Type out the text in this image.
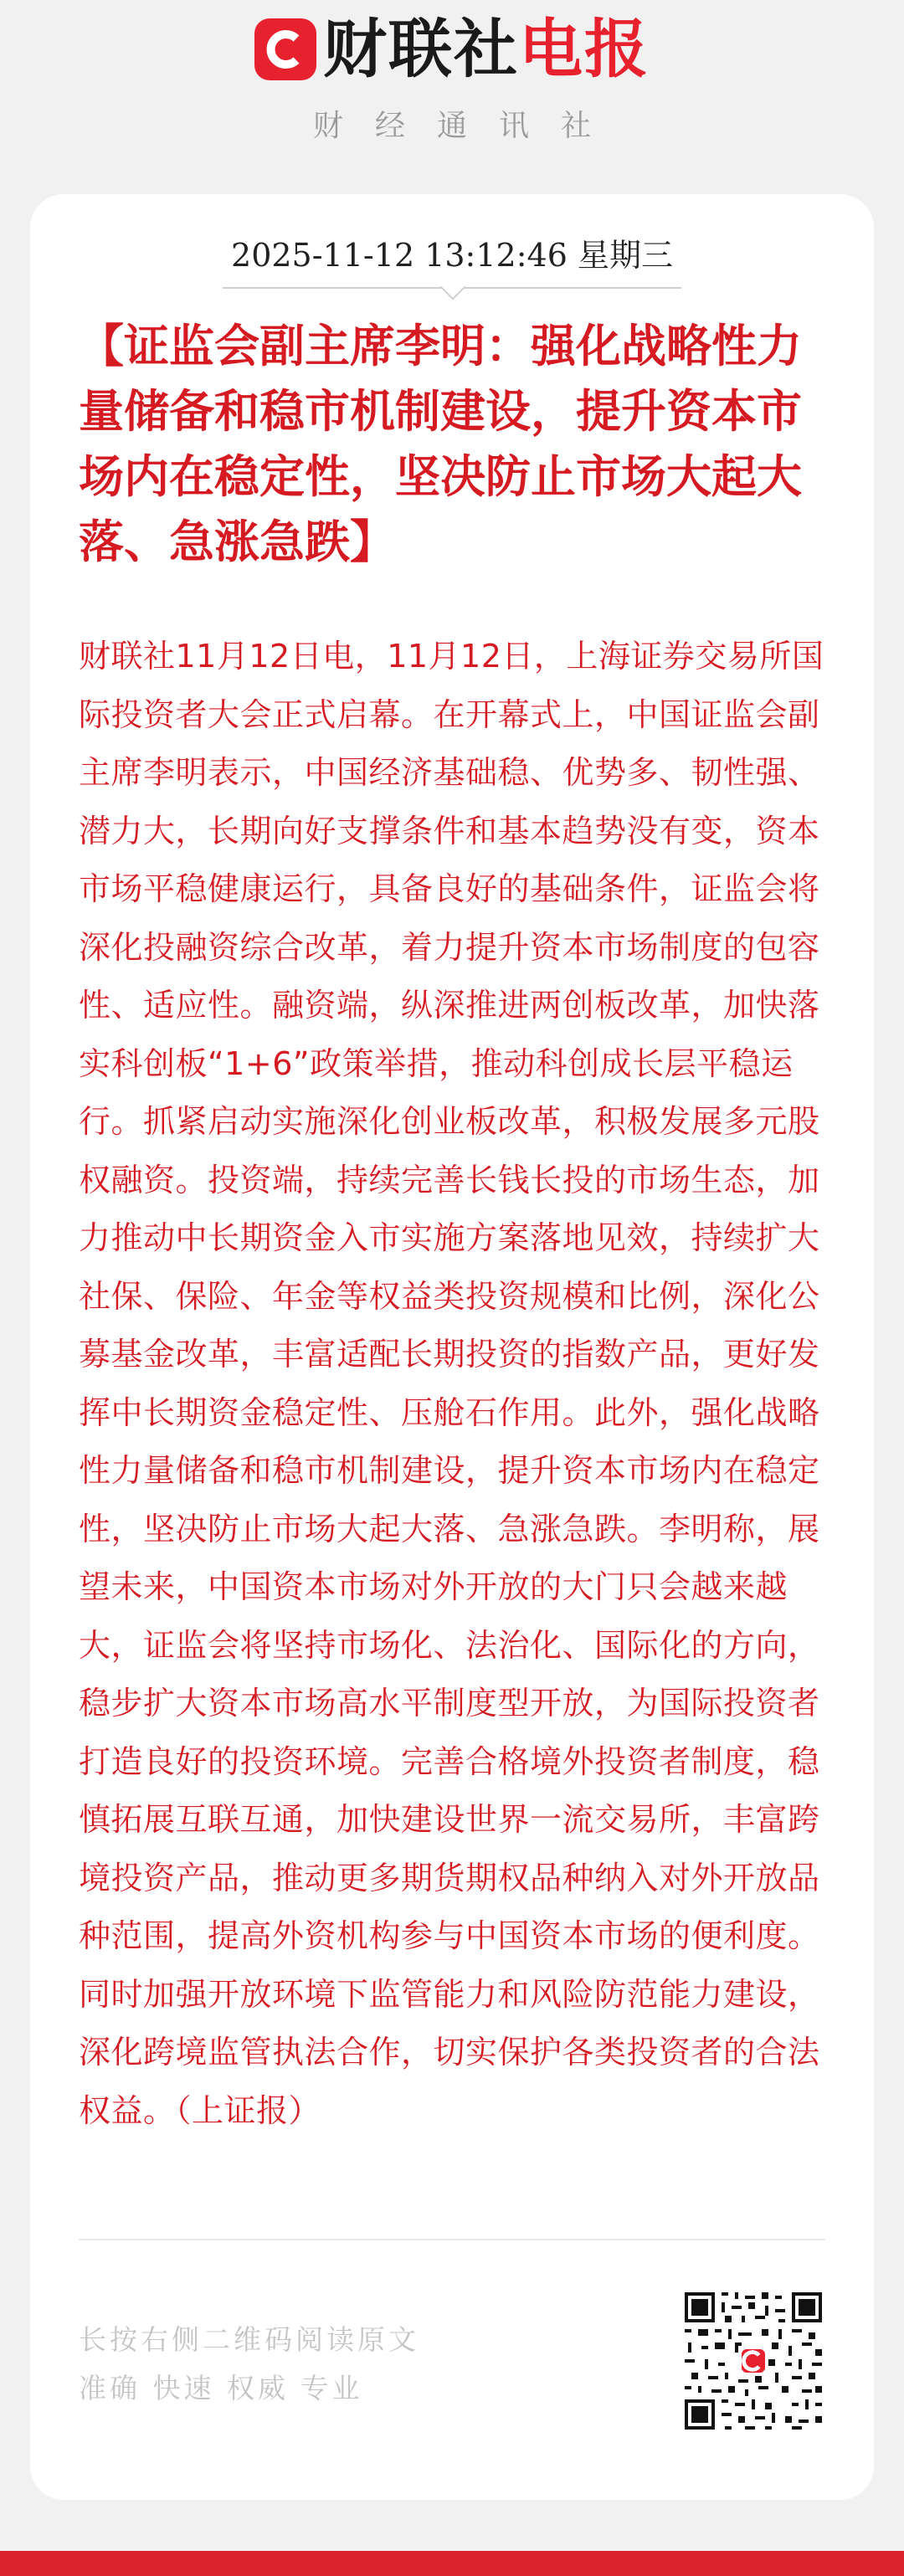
财联社 电报
财经通讯社
2025-11-12 13:12:46 星期三
【证监会副主席李明：强化战略性力量储备和稳市机制建设，提升资本市场内在稳定性，坚决防止市场大起大落、急涨急跌】

财联社11月12日电，11月12日，上海证券交易所国际投资者大会正式启幕。在开幕式上，中国证监会副主席李明表示，中国经济基础稳、优势多、韧性强、潜力大，长期向好支撑条件和基本趋势没有变，资本市场平稳健康运行，具备良好的基础条件，证监会将深化投融资综合改革，着力提升资本市场制度的包容性、适应性。融资端，纵深推进两创板改革，加快落实科创板“1+6”政策举措，推动科创成长层平稳运行。抓紧启动实施深化创业板改革，积极发展多元股权融资。投资端，持续完善长钱长投的市场生态，加力推动中长期资金入市实施方案落地见效，持续扩大社保、保险、年金等权益类投资规模和比例，深化公募基金改革，丰富适配长期投资的指数产品，更好发挥中长期资金稳定性、压舱石作用。此外，强化战略性力量储备和稳市机制建设，提升资本市场内在稳定性，坚决防止市场大起大落、急涨急跌。李明称，展望未来，中国资本市场对外开放的大门只会越来越大，证监会将坚持市场化、法治化、国际化的方向，稳步扩大资本市场高水平制度型开放，为国际投资者打造良好的投资环境。完善合格境外投资者制度，稳慎拓展互联互通，加快建设世界一流交易所，丰富跨境投资产品，推动更多期货期权品种纳入对外开放品种范围，提高外资机构参与中国资本市场的便利度。同时加强开放环境下监管能力和风险防范能力建设，深化跨境监管执法合作，切实保护各类投资者的合法权益。（上证报）

长按右侧二维码阅读原文
准确 快速 权威 专业
